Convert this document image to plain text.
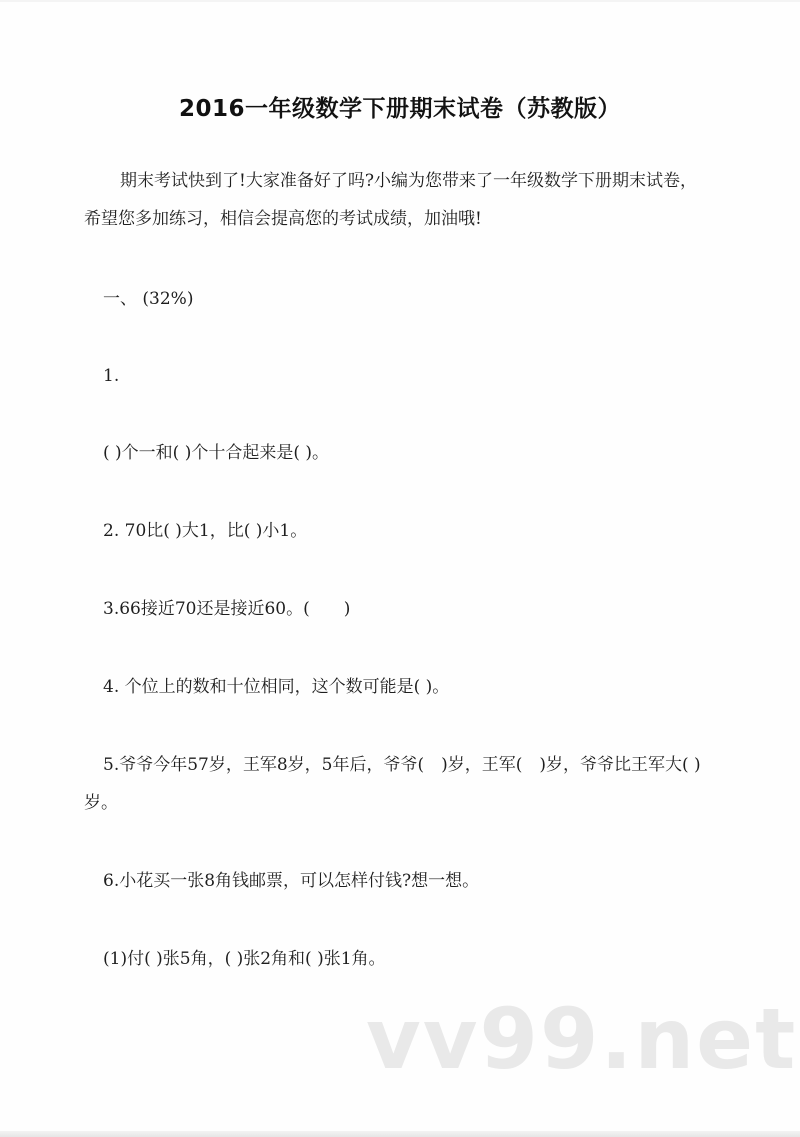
2016一年级数学下册期末试卷（苏教版）
期末考试快到了!大家准备好了吗?小编为您带来了一年级数学下册期末试卷，希望您多加练习，相信会提高您的考试成绩，加油哦!
一、 (32%)
1.
( )个一和( )个十合起来是( )。
2. 70比( )大1，比( )小1。
3.66接近70还是接近60。(　　)
4. 个位上的数和十位相同，这个数可能是( )。
5.爷爷今年57岁，王军8岁，5年后，爷爷(　)岁，王军(　)岁，爷爷比王军大( )岁。
6.小花买一张8角钱邮票，可以怎样付钱?想一想。
(1)付( )张5角，( )张2角和( )张1角。
vv99.net
